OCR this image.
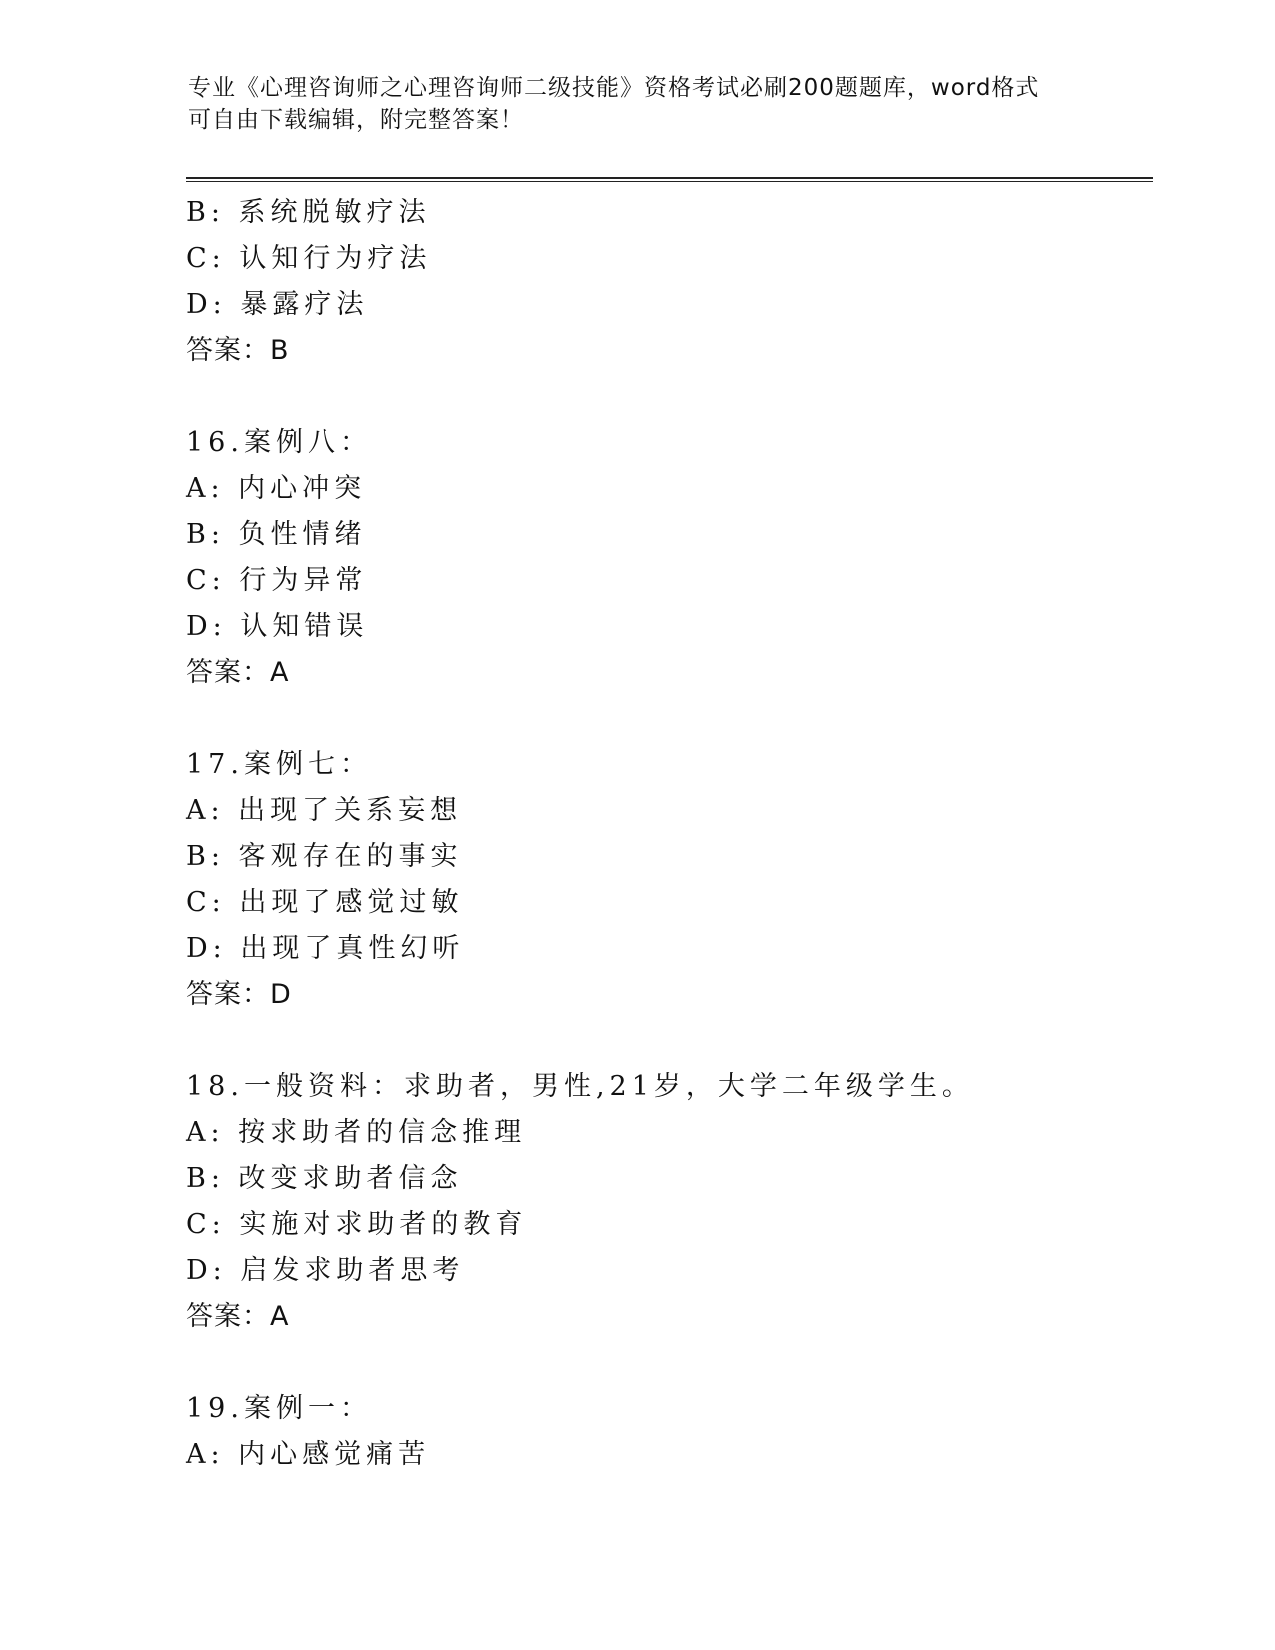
专业《心理咨询师之心理咨询师二级技能》资格考试必刷200题题库，word格式
可自由下载编辑，附完整答案！
B: 系统脱敏疗法
C: 认知行为疗法
D: 暴露疗法
答案：B
16.案例八：
A: 内心冲突
B: 负性情绪
C: 行为异常
D: 认知错误
答案：A
17.案例七：
A: 出现了关系妄想
B: 客观存在的事实
C: 出现了感觉过敏
D: 出现了真性幻听
答案：D
18.一般资料：求助者，男性,21岁，大学二年级学生。
A: 按求助者的信念推理
B: 改变求助者信念
C: 实施对求助者的教育
D: 启发求助者思考
答案：A
19.案例一：
A: 内心感觉痛苦
